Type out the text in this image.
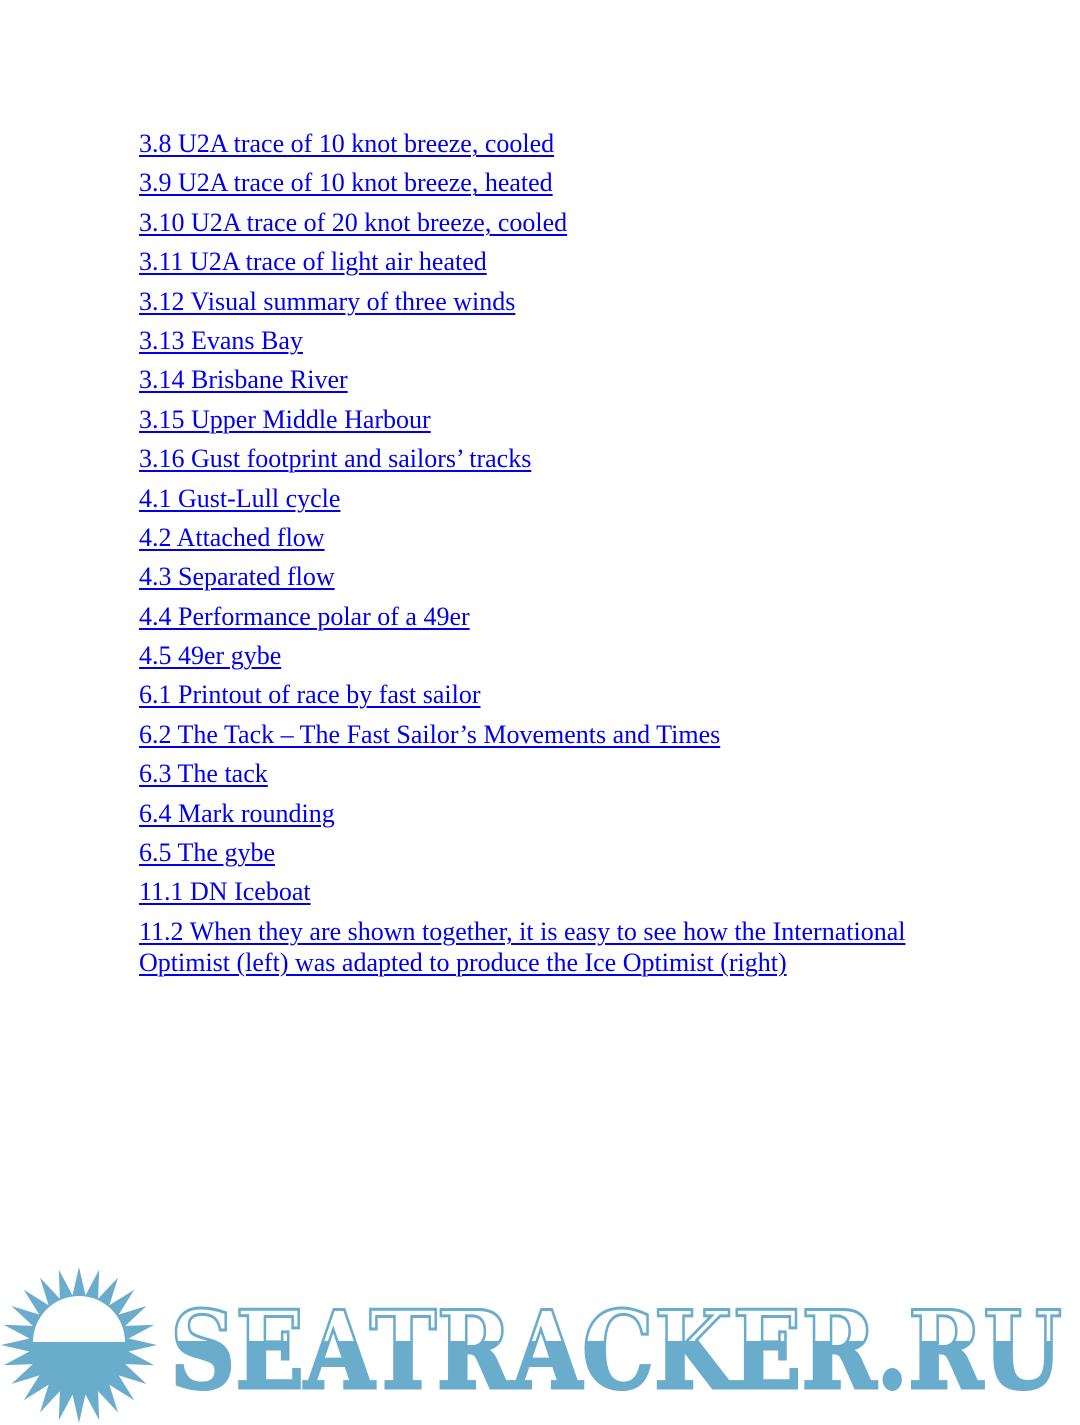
3.8 U2A trace of 10 knot breeze, cooled
3.9 U2A trace of 10 knot breeze, heated
3.10 U2A trace of 20 knot breeze, cooled
3.11 U2A trace of light air heated
3.12 Visual summary of three winds
3.13 Evans Bay
3.14 Brisbane River
3.15 Upper Middle Harbour
3.16 Gust footprint and sailors’ tracks
4.1 Gust-Lull cycle
4.2 Attached flow
4.3 Separated flow
4.4 Performance polar of a 49er
4.5 49er gybe
6.1 Printout of race by fast sailor
6.2 The Tack – The Fast Sailor’s Movements and Times
6.3 The tack
6.4 Mark rounding
6.5 The gybe
11.1 DN Iceboat
11.2 When they are shown together, it is easy to see how the International Optimist (left) was adapted to produce the Ice Optimist (right)
SEATRACKER.RU
